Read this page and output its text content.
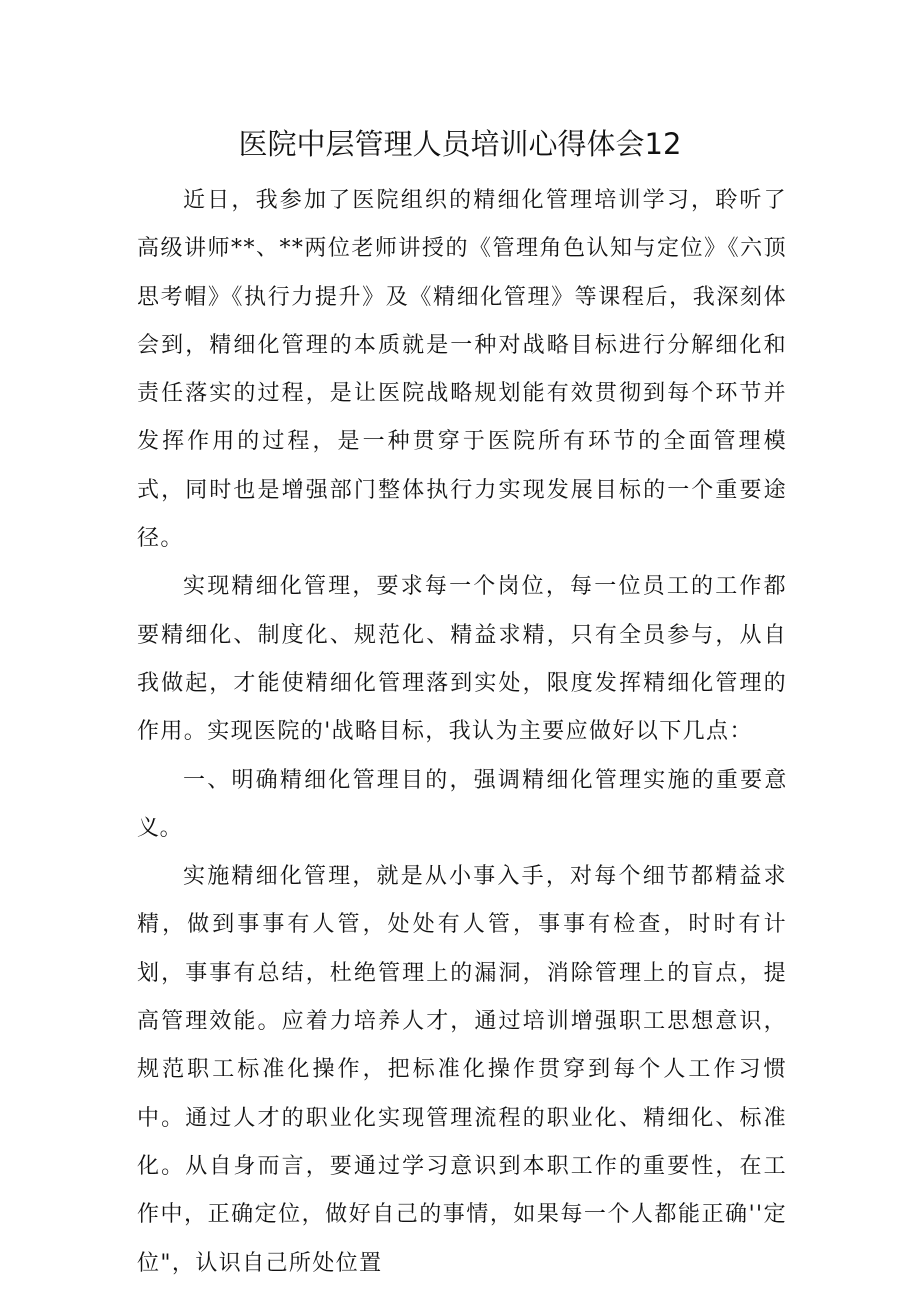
医院中层管理人员培训心得体会12

近日，我参加了医院组织的精细化管理培训学习，聆听了高级讲师**、**两位老师讲授的《管理角色认知与定位》《六顶思考帽》《执行力提升》及《精细化管理》等课程后，我深刻体会到，精细化管理的本质就是一种对战略目标进行分解细化和责任落实的过程，是让医院战略规划能有效贯彻到每个环节并发挥作用的过程，是一种贯穿于医院所有环节的全面管理模式，同时也是增强部门整体执行力实现发展目标的一个重要途径。

实现精细化管理，要求每一个岗位，每一位员工的工作都要精细化、制度化、规范化、精益求精，只有全员参与，从自我做起，才能使精细化管理落到实处，限度发挥精细化管理的作用。实现医院的'战略目标，我认为主要应做好以下几点：

一、明确精细化管理目的，强调精细化管理实施的重要意义。

实施精细化管理，就是从小事入手，对每个细节都精益求精，做到事事有人管，处处有人管，事事有检查，时时有计划，事事有总结，杜绝管理上的漏洞，消除管理上的盲点，提高管理效能。应着力培养人才，通过培训增强职工思想意识，规范职工标准化操作，把标准化操作贯穿到每个人工作习惯中。通过人才的职业化实现管理流程的职业化、精细化、标准化。从自身而言，要通过学习意识到本职工作的重要性，在工作中，正确定位，做好自己的事情，如果每一个人都能正确''定位"，认识自己所处位置
